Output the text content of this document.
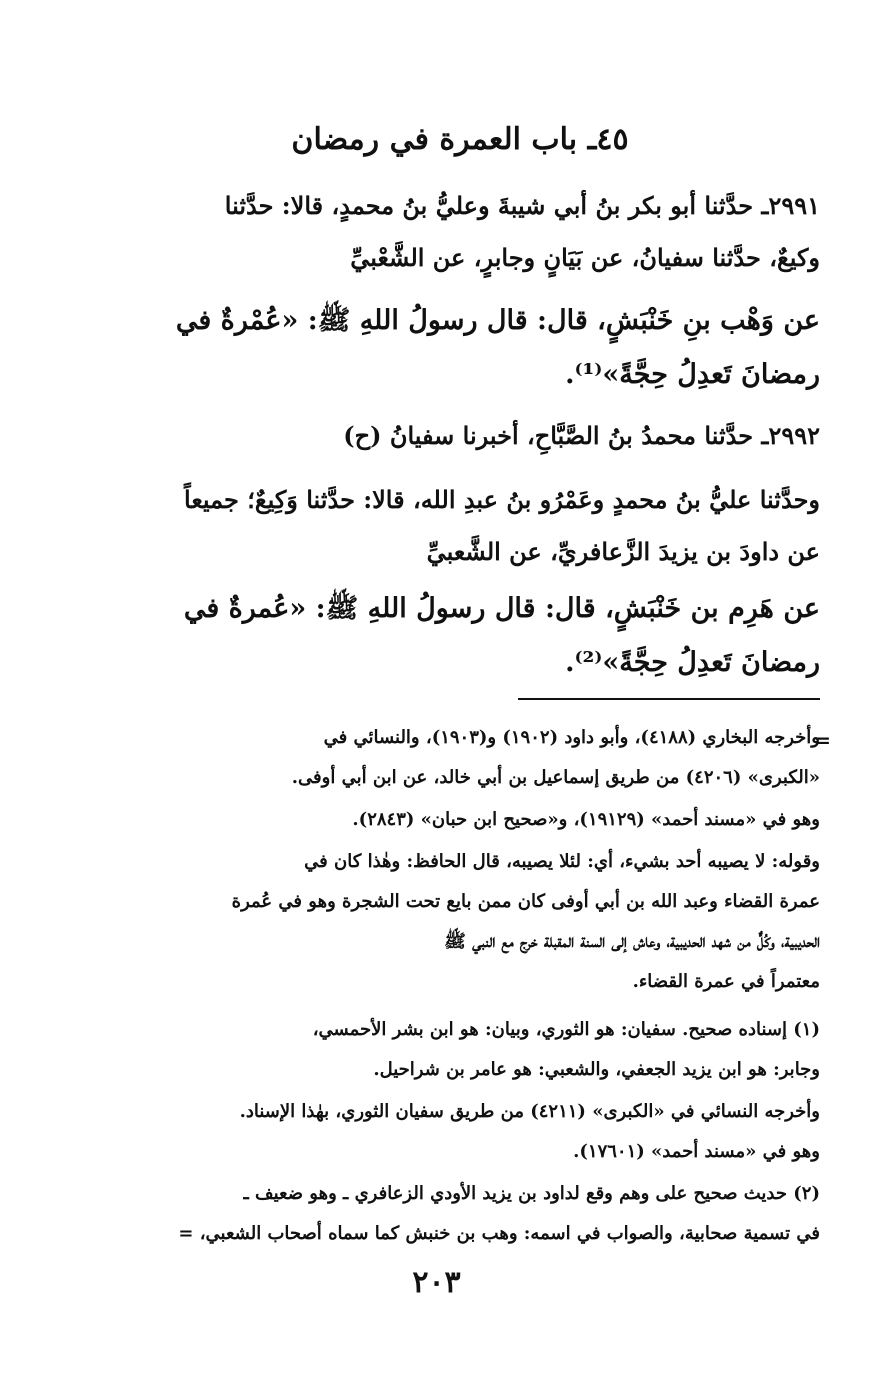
٤٥ـ باب العمرة في رمضان
٢٩٩١ـ حدَّثنا أبو بكر بنُ أبي شيبةَ وعليُّ بنُ محمدٍ، قالا: حدَّثنا
وكيعٌ، حدَّثنا سفيانُ، عن بَيَانٍ وجابرٍ، عن الشَّعْبيِّ
عن وَهْب بنِ خَنْبَشٍ، قال: قال رسولُ اللهِ ﷺ: «عُمْرةٌ في
رمضانَ تَعدِلُ حِجَّةً»⁽¹⁾.
٢٩٩٢ـ حدَّثنا محمدُ بنُ الصَّبَّاحِ، أخبرنا سفيانُ (ح)
وحدَّثنا عليُّ بنُ محمدٍ وعَمْرُو بنُ عبدِ الله، قالا: حدَّثنا وَكِيعٌ؛ جميعاً
عن داودَ بن يزيدَ الزَّعافريِّ، عن الشَّعبيِّ
عن هَرِم بن خَنْبَشٍ، قال: قال رسولُ اللهِ ﷺ: «عُمرةٌ في
رمضانَ تَعدِلُ حِجَّةً»⁽²⁾.
=
وأخرجه البخاري (٤١٨٨)، وأبو داود (١٩٠٢) و(١٩٠٣)، والنسائي في
«الكبرى» (٤٢٠٦) من طريق إسماعيل بن أبي خالد، عن ابن أبي أوفى.
وهو في «مسند أحمد» (١٩١٢٩)، و«صحيح ابن حبان» (٢٨٤٣).
وقوله: لا يصيبه أحد بشيء، أي: لئلا يصيبه، قال الحافظ: وهٰذا كان في
عمرة القضاء وعبد الله بن أبي أوفى كان ممن بايع تحت الشجرة وهو في عُمرة
الحديبية، وكُلٌّ من شهد الحديبية، وعاش إلى السنة المقبلة خرج مع النبي ﷺ
معتمراً في عمرة القضاء.
(١) إسناده صحيح. سفيان: هو الثوري، وبيان: هو ابن بشر الأحمسي،
وجابر: هو ابن يزيد الجعفي، والشعبي: هو عامر بن شراحيل.
وأخرجه النسائي في «الكبرى» (٤٢١١) من طريق سفيان الثوري، بهٰذا الإسناد.
وهو في «مسند أحمد» (١٧٦٠١).
(٢) حديث صحيح على وهم وقع لداود بن يزيد الأودي الزعافري ـ وهو ضعيف ـ
في تسمية صحابية، والصواب في اسمه: وهب بن خنبش كما سماه أصحاب الشعبي، =
٢٠٣
